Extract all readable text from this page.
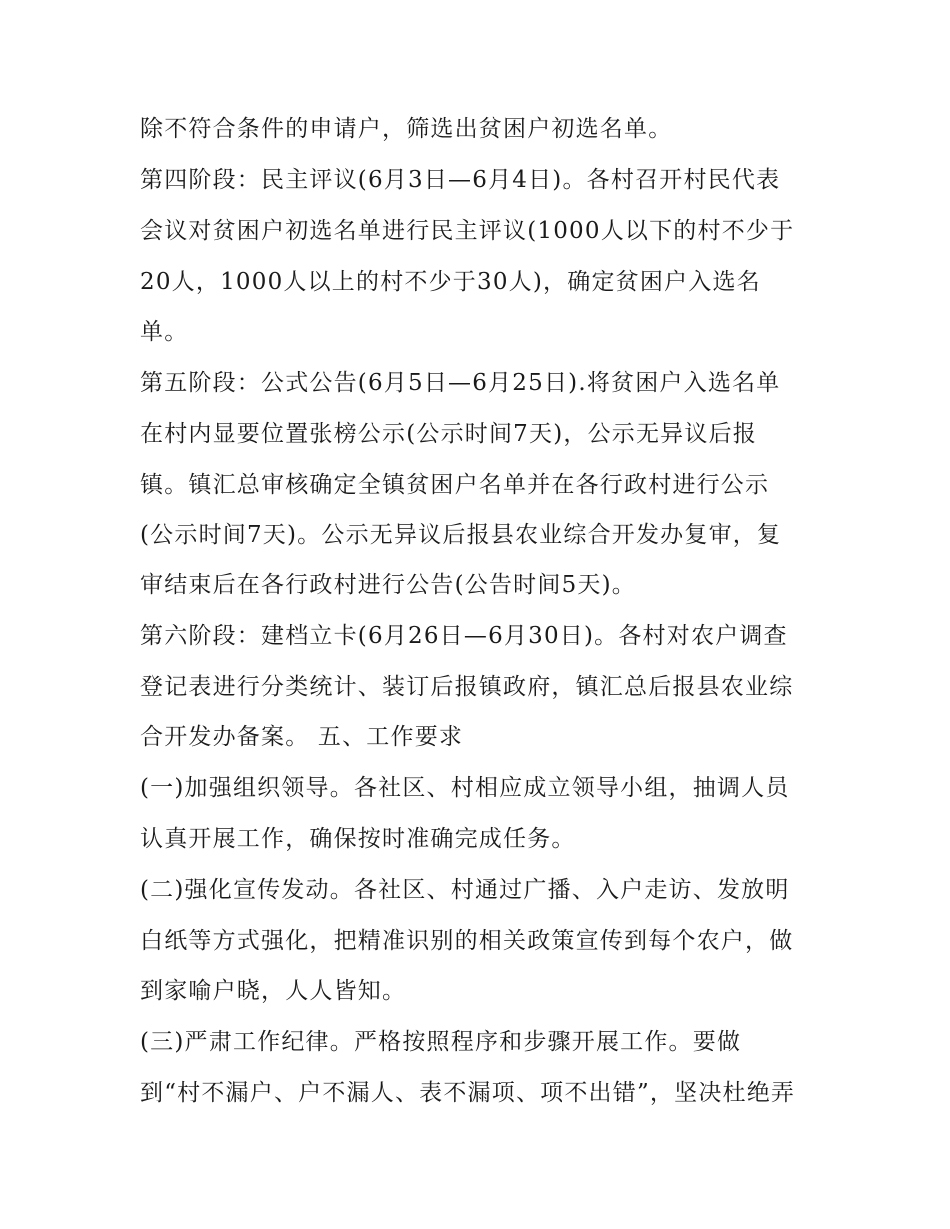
除不符合条件的申请户，筛选出贫困户初选名单。
第四阶段：民主评议(6月3日—6月4日)。各村召开村民代表
会议对贫困户初选名单进行民主评议(1000人以下的村不少于
20人，1000人以上的村不少于30人)，确定贫困户入选名
单。
第五阶段：公式公告(6月5日—6月25日).将贫困户入选名单
在村内显要位置张榜公示(公示时间7天)，公示无异议后报
镇。镇汇总审核确定全镇贫困户名单并在各行政村进行公示
(公示时间7天)。公示无异议后报县农业综合开发办复审，复
审结束后在各行政村进行公告(公告时间5天)。
第六阶段：建档立卡(6月26日—6月30日)。各村对农户调查
登记表进行分类统计、装订后报镇政府，镇汇总后报县农业综
合开发办备案。 五、工作要求
(一)加强组织领导。各社区、村相应成立领导小组，抽调人员
认真开展工作，确保按时准确完成任务。
(二)强化宣传发动。各社区、村通过广播、入户走访、发放明
白纸等方式强化，把精准识别的相关政策宣传到每个农户，做
到家喻户晓，人人皆知。
(三)严肃工作纪律。严格按照程序和步骤开展工作。要做
到“村不漏户、户不漏人、表不漏项、项不出错”，坚决杜绝弄
